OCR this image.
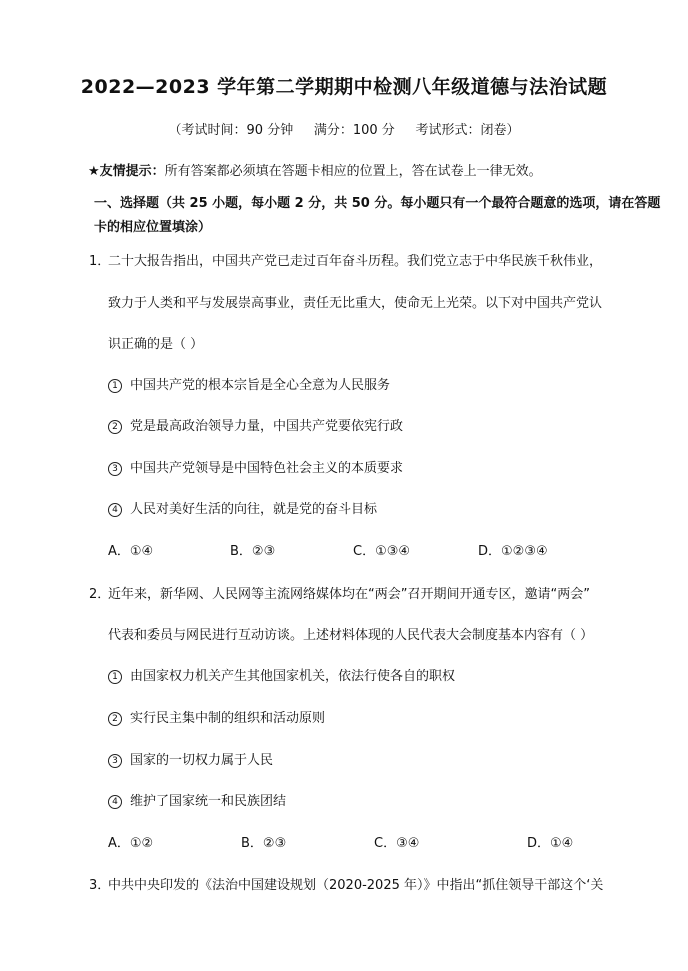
2022—2023 学年第二学期期中检测八年级道德与法治试题
（考试时间：90 分钟     满分：100 分     考试形式：闭卷）
★友情提示：所有答案都必须填在答题卡相应的位置上，答在试卷上一律无效。
一、选择题（共 25 小题，每小题 2 分，共 50 分。每小题只有一个最符合题意的选项，请在答题卡的相应位置填涂）
1．
二十大报告指出，中国共产党已走过百年奋斗历程。我们党立志于中华民族千秋伟业，
致力于人类和平与发展崇高事业，责任无比重大，使命无上光荣。以下对中国共产党认
识正确的是（ ）
1 中国共产党的根本宗旨是全心全意为人民服务
2 党是最高政治领导力量，中国共产党要依宪行政
3 中国共产党领导是中国特色社会主义的本质要求
4 人民对美好生活的向往，就是党的奋斗目标
A．①④	B．②③	C．①③④	D．①②③④
2．
近年来，新华网、人民网等主流网络媒体均在“两会”召开期间开通专区，邀请“两会”
代表和委员与网民进行互动访谈。上述材料体现的人民代表大会制度基本内容有（ ）
1 由国家权力机关产生其他国家机关，依法行使各自的职权
2 实行民主集中制的组织和活动原则
3 国家的一切权力属于人民
4 维护了国家统一和民族团结
A．①②	B．②③	C．③④	D．①④
3．
中共中央印发的《法治中国建设规划（2020-2025 年）》中指出“抓住领导干部这个‘关
